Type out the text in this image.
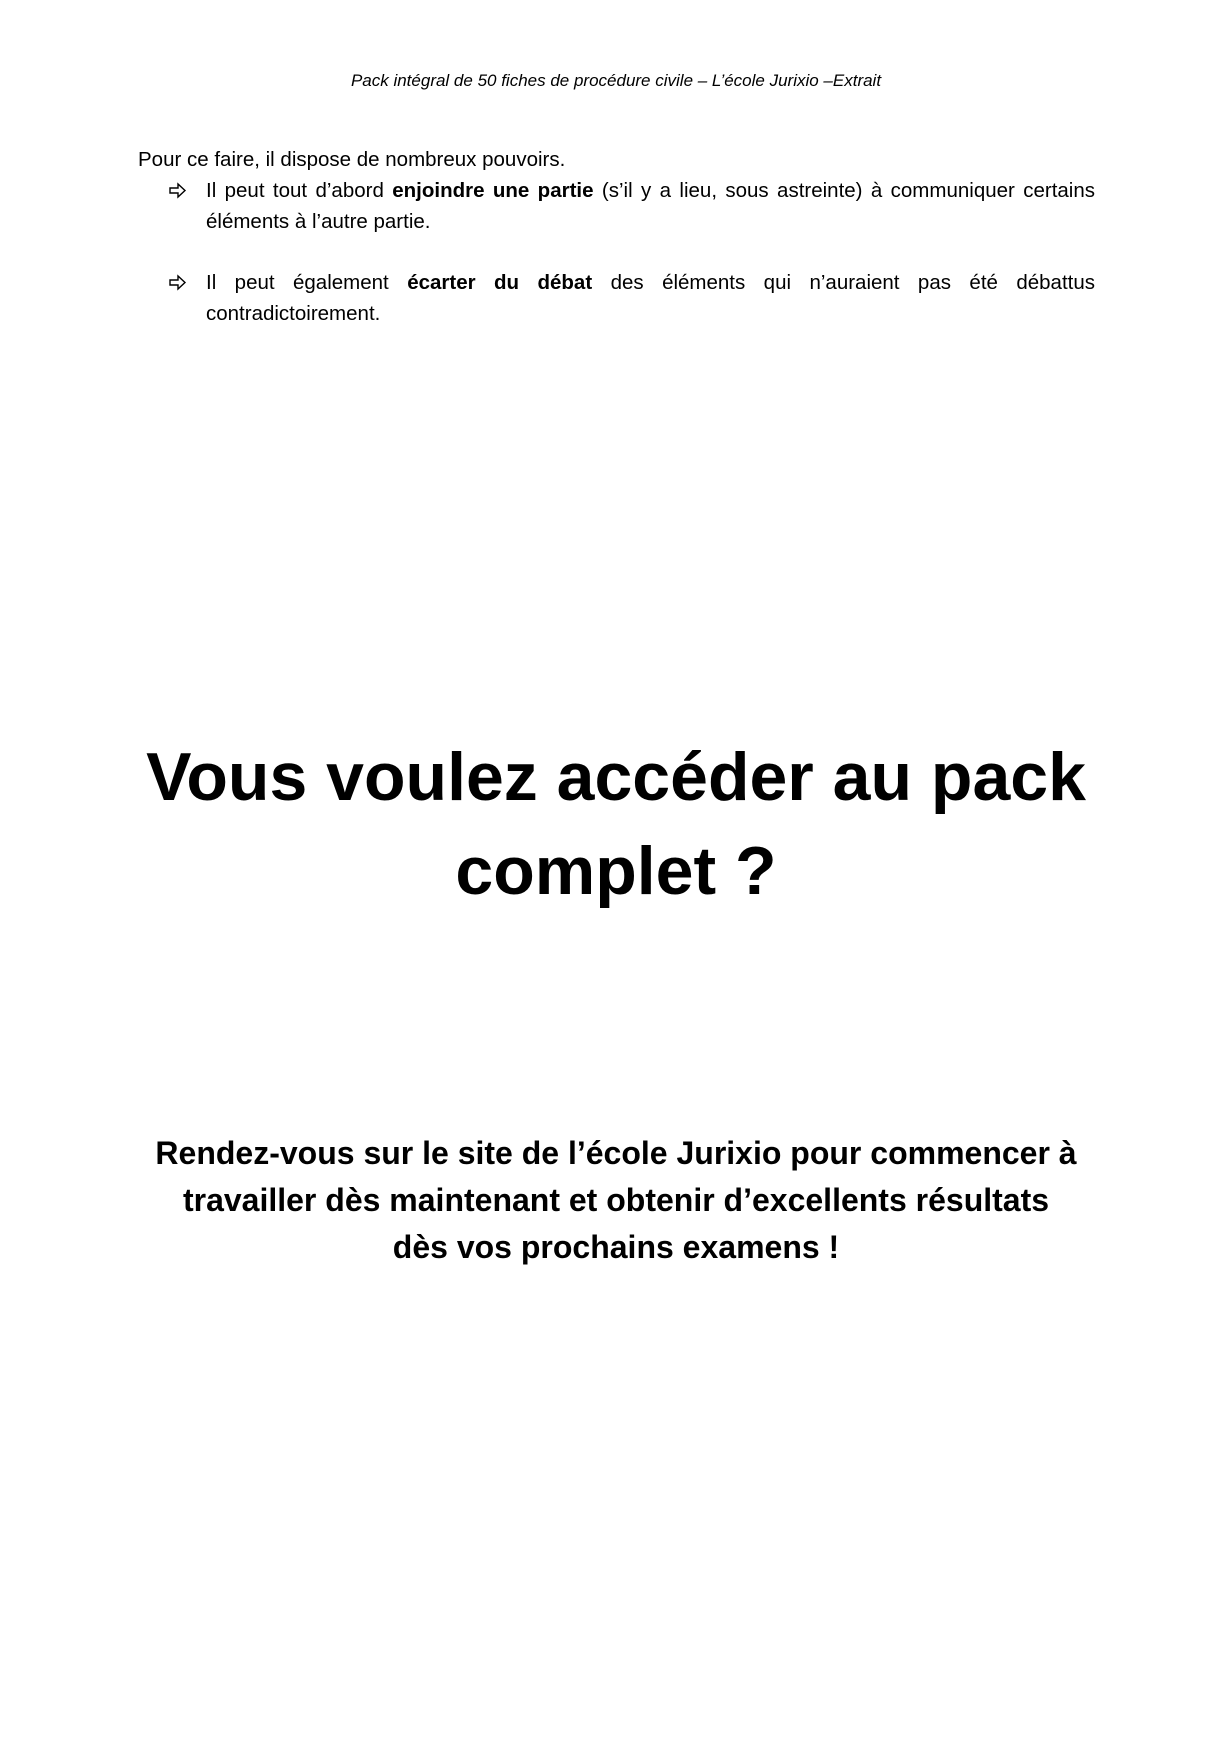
Pack intégral de 50 fiches de procédure civile – L’école Jurixio –Extrait
Pour ce faire, il dispose de nombreux pouvoirs.
Il peut tout d’abord enjoindre une partie (s’il y a lieu, sous astreinte) à communiquer certains éléments à l’autre partie.
Il peut également écarter du débat des éléments qui n’auraient pas été débattus contradictoirement.
Vous voulez accéder au pack
complet ?
Rendez-vous sur le site de l’école Jurixio pour commencer à
travailler dès maintenant et obtenir d’excellents résultats
dès vos prochains examens !
